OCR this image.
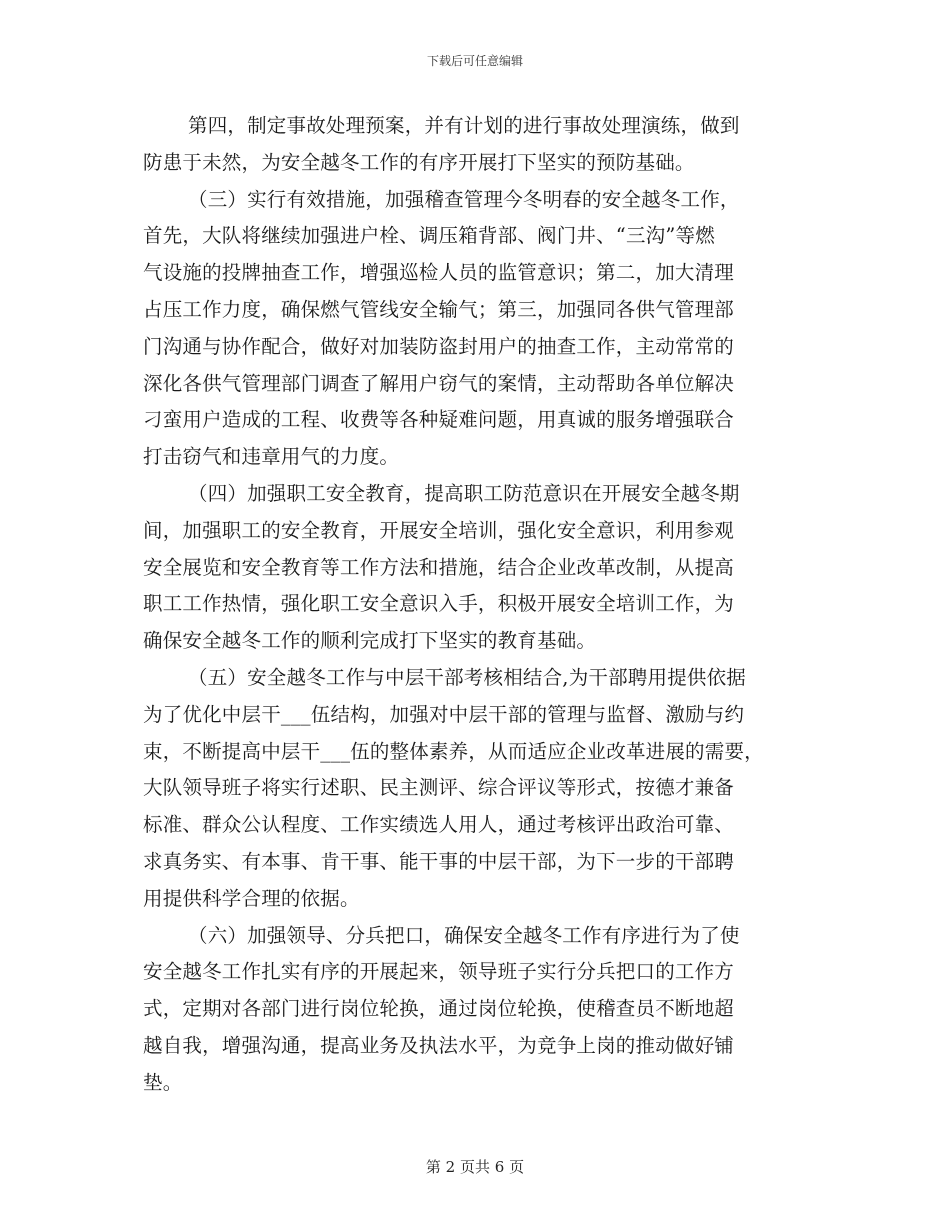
下载后可任意编辑
第四，制定事故处理预案，并有计划的进行事故处理演练，做到
防患于未然，为安全越冬工作的有序开展打下坚实的预防基础。
（三）实行有效措施，加强稽查管理今冬明春的安全越冬工作，
首先，大队将继续加强进户栓、调压箱背部、阀门井、“三沟”等燃
气设施的投牌抽查工作，增强巡检人员的监管意识；第二，加大清理
占压工作力度，确保燃气管线安全输气；第三，加强同各供气管理部
门沟通与协作配合，做好对加装防盗封用户的抽查工作，主动常常的
深化各供气管理部门调查了解用户窃气的案情，主动帮助各单位解决
刁蛮用户造成的工程、收费等各种疑难问题，用真诚的服务增强联合
打击窃气和违章用气的力度。
（四）加强职工安全教育，提高职工防范意识在开展安全越冬期
间，加强职工的安全教育，开展安全培训，强化安全意识，利用参观
安全展览和安全教育等工作方法和措施，结合企业改革改制，从提高
职工工作热情，强化职工安全意识入手，积极开展安全培训工作，为
确保安全越冬工作的顺利完成打下坚实的教育基础。
（五）安全越冬工作与中层干部考核相结合,为干部聘用提供依据
为了优化中层干___伍结构，加强对中层干部的管理与监督、激励与约
束，不断提高中层干___伍的整体素养，从而适应企业改革进展的需要，
大队领导班子将实行述职、民主测评、综合评议等形式，按德才兼备
标准、群众公认程度、工作实绩选人用人，通过考核评出政治可靠、
求真务实、有本事、肯干事、能干事的中层干部，为下一步的干部聘
用提供科学合理的依据。
（六）加强领导、分兵把口，确保安全越冬工作有序进行为了使
安全越冬工作扎实有序的开展起来，领导班子实行分兵把口的工作方
式，定期对各部门进行岗位轮换，通过岗位轮换，使稽查员不断地超
越自我，增强沟通，提高业务及执法水平，为竞争上岗的推动做好铺
垫。
第 2 页共 6 页
